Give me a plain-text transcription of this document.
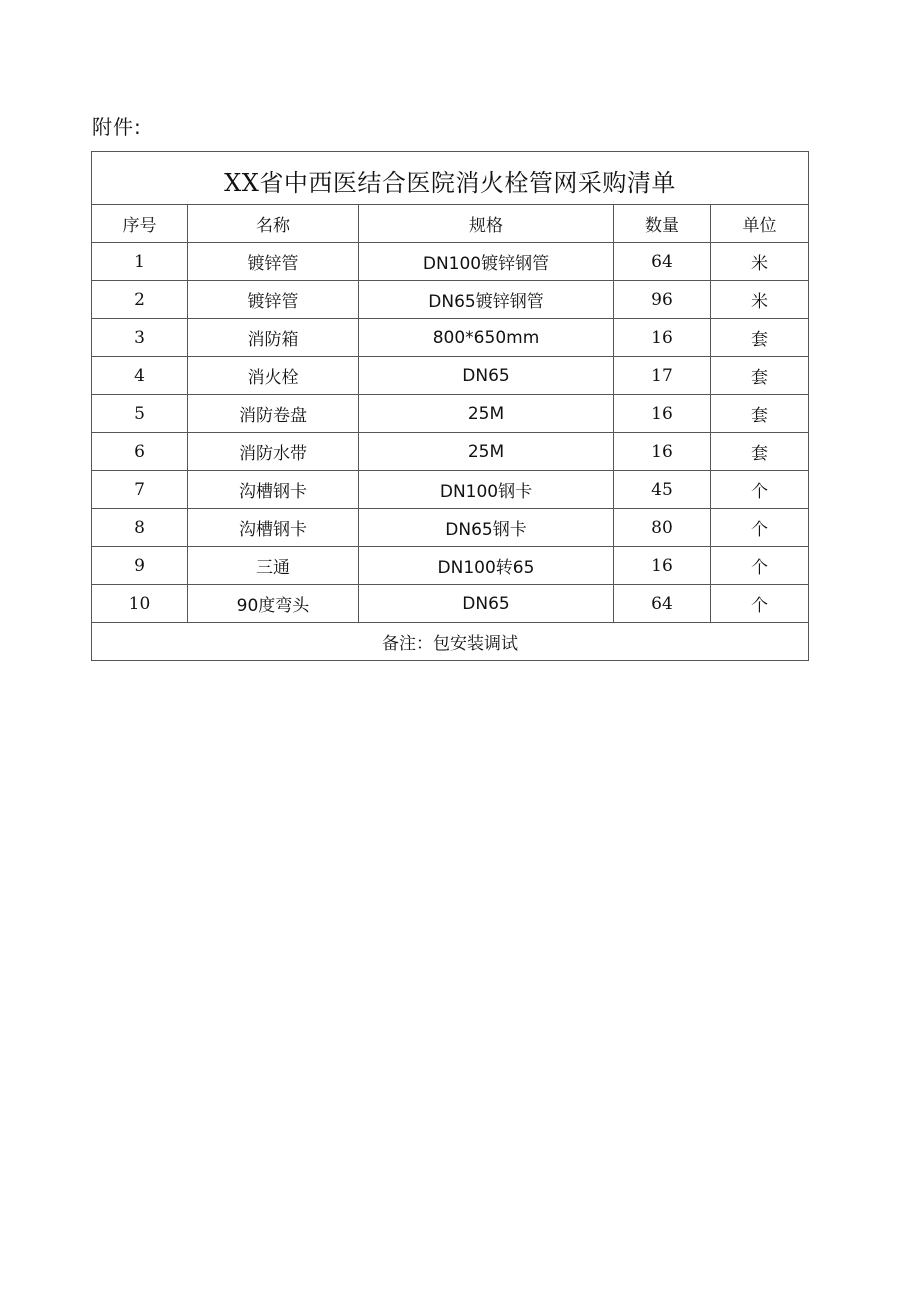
附件:
XX省中西医结合医院消火栓管网采购清单				
序号	名称	规格	数量	单位
1	镀锌管	DN100镀锌钢管	64	米
2	镀锌管	DN65镀锌钢管	96	米
3	消防箱	800*650mm	16	套
4	消火栓	DN65	17	套
5	消防卷盘	25M	16	套
6	消防水带	25M	16	套
7	沟槽钢卡	DN100钢卡	45	个
8	沟槽钢卡	DN65钢卡	80	个
9	三通	DN100转65	16	个
10	90度弯头	DN65	64	个
备注：包安装调试				
